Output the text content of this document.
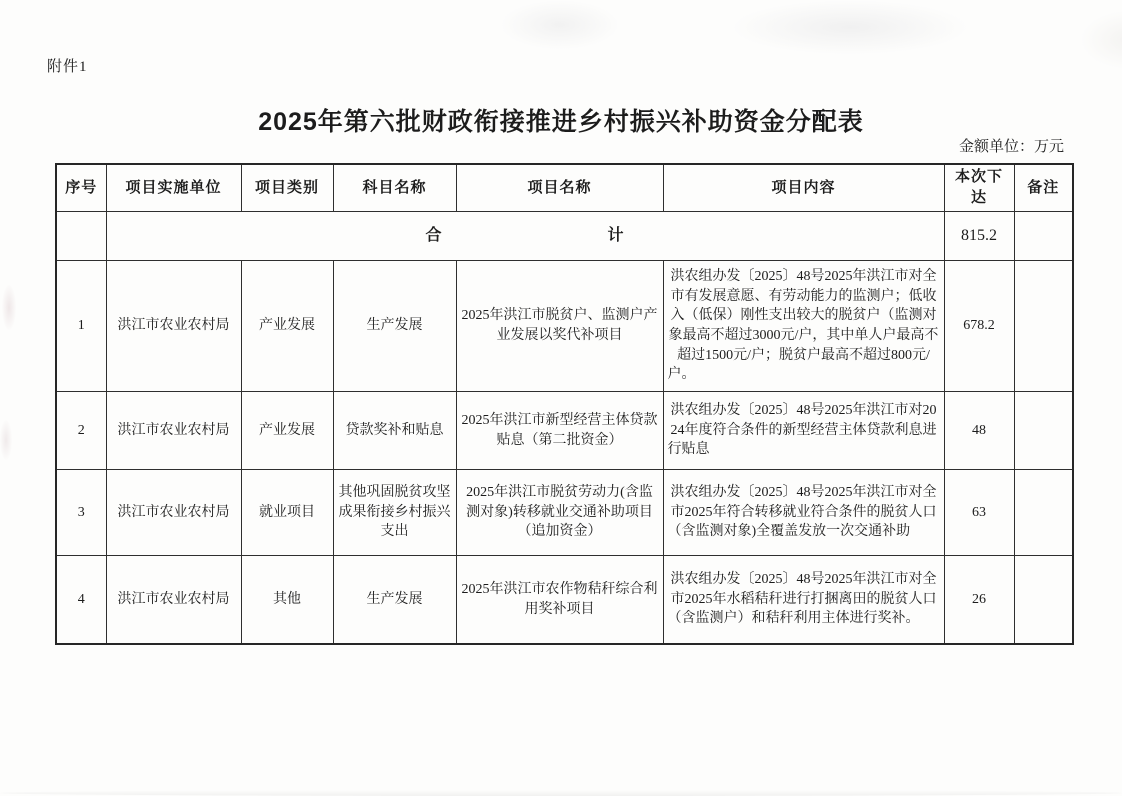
附件1
2025年第六批财政衔接推进乡村振兴补助资金分配表
金额单位：万元
序号	项目实施单位	项目类别	科目名称	项目名称	项目内容	本次下达	备注

	合 计					815.2	
1	洪江市农业农村局	产业发展	生产发展	2025年洪江市脱贫户、监测户产业发展以奖代补项目	洪农组办发〔2025〕48号2025年洪江市对全市有发展意愿、有劳动能力的监测户；低收入（低保）刚性支出较大的脱贫户（监测对象最高不超过3000元/户，其中单人户最高不超过1500元/户；脱贫户最高不超过800元/户。	678.2	
2	洪江市农业农村局	产业发展	贷款奖补和贴息	2025年洪江市新型经营主体贷款贴息（第二批资金）	洪农组办发〔2025〕48号2025年洪江市对2024年度符合条件的新型经营主体贷款利息进行贴息	48	
3	洪江市农业农村局	就业项目	其他巩固脱贫攻坚成果衔接乡村振兴支出	2025年洪江市脱贫劳动力(含监测对象)转移就业交通补助项目（追加资金）	洪农组办发〔2025〕48号2025年洪江市对全市2025年符合转移就业符合条件的脱贫人口（含监测对象)全覆盖发放一次交通补助	63	
4	洪江市农业农村局	其他	生产发展	2025年洪江市农作物秸秆综合利用奖补项目	洪农组办发〔2025〕48号2025年洪江市对全市2025年水稻秸秆进行打捆离田的脱贫人口（含监测户）和秸秆利用主体进行奖补。	26	
